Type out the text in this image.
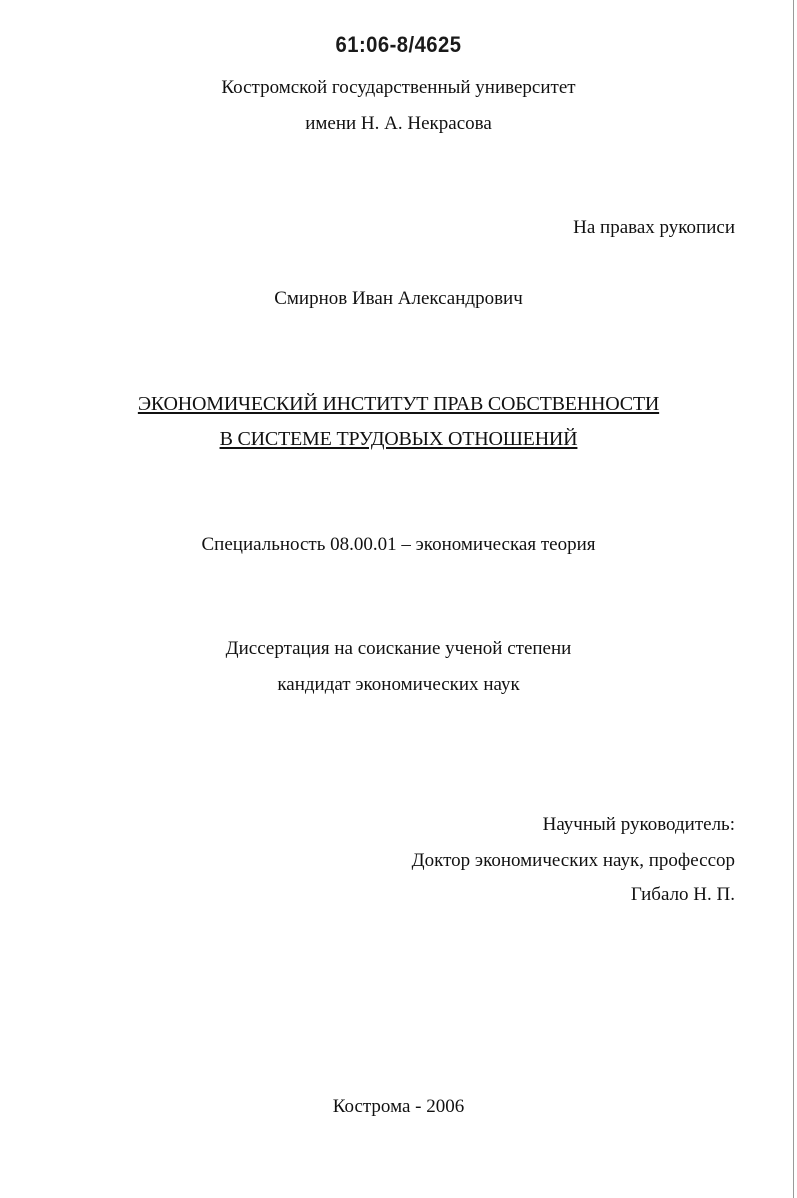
61:06-8/4625
Костромской государственный университет
имени Н. А. Некрасова
На правах рукописи
Смирнов Иван Александрович
ЭКОНОМИЧЕСКИЙ ИНСТИТУТ ПРАВ СОБСТВЕННОСТИ
В СИСТЕМЕ ТРУДОВЫХ ОТНОШЕНИЙ
Специальность 08.00.01 – экономическая теория
Диссертация на соискание ученой степени
кандидат экономических наук
Научный руководитель:
Доктор экономических наук, профессор
Гибало Н. П.
Кострома - 2006
